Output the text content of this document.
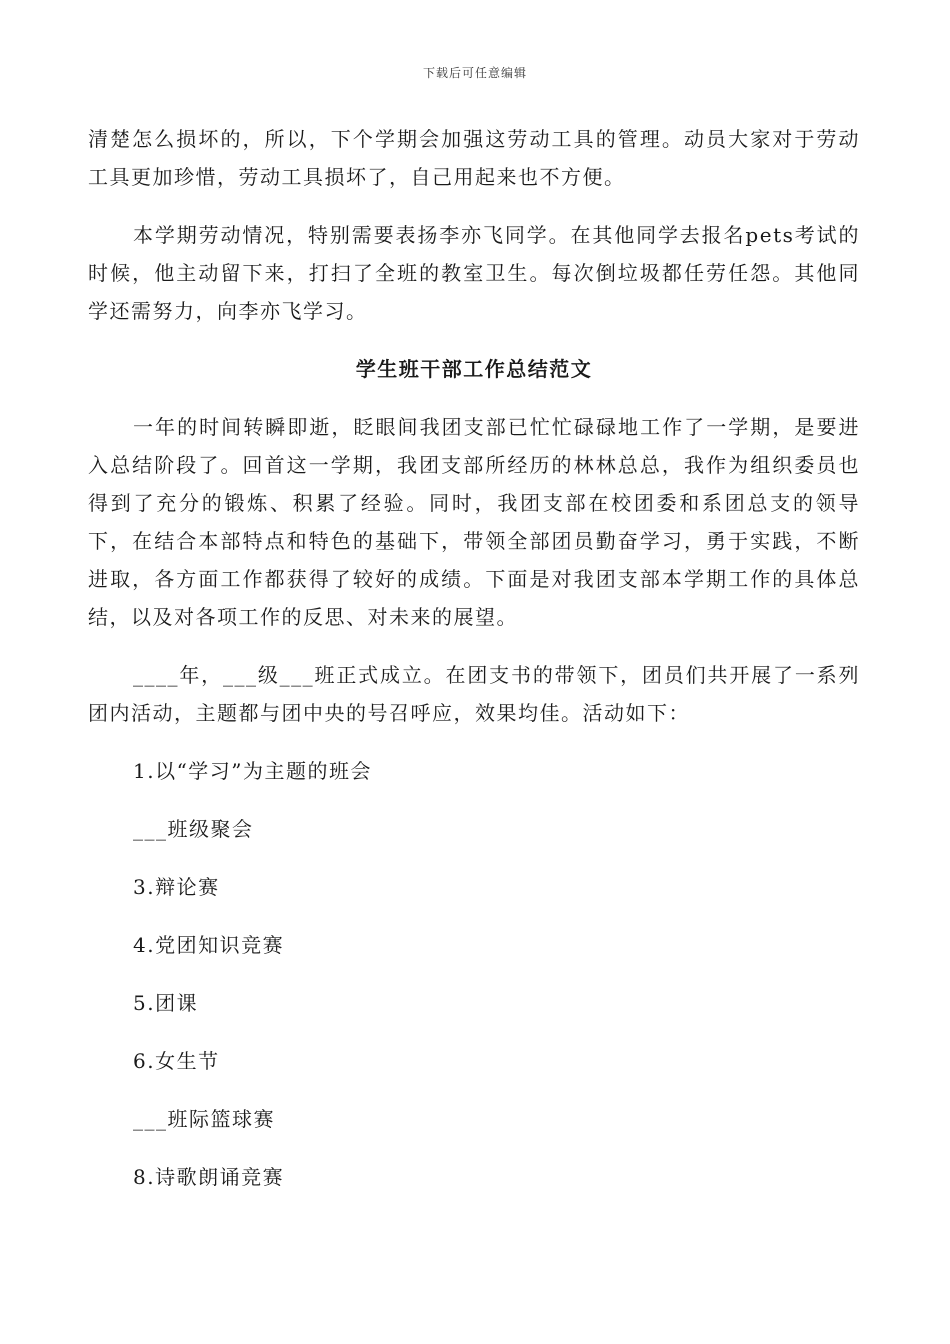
下载后可任意编辑

清楚怎么损坏的，所以，下个学期会加强这劳动工具的管理。动员大家对于劳动工具更加珍惜，劳动工具损坏了，自己用起来也不方便。

本学期劳动情况，特别需要表扬李亦飞同学。在其他同学去报名pets考试的时候，他主动留下来，打扫了全班的教室卫生。每次倒垃圾都任劳任怨。其他同学还需努力，向李亦飞学习。

学生班干部工作总结范文

一年的时间转瞬即逝，眨眼间我团支部已忙忙碌碌地工作了一学期，是要进入总结阶段了。回首这一学期，我团支部所经历的林林总总，我作为组织委员也得到了充分的锻炼、积累了经验。同时，我团支部在校团委和系团总支的领导下，在结合本部特点和特色的基础下，带领全部团员勤奋学习，勇于实践，不断进取，各方面工作都获得了较好的成绩。下面是对我团支部本学期工作的具体总结，以及对各项工作的反思、对未来的展望。

____年，___级___班正式成立。在团支书的带领下，团员们共开展了一系列团内活动，主题都与团中央的号召呼应，效果均佳。活动如下：

1.以“学习”为主题的班会
___班级聚会
3.辩论赛
4.党团知识竞赛
5.团课
6.女生节
___班际篮球赛
8.诗歌朗诵竞赛
